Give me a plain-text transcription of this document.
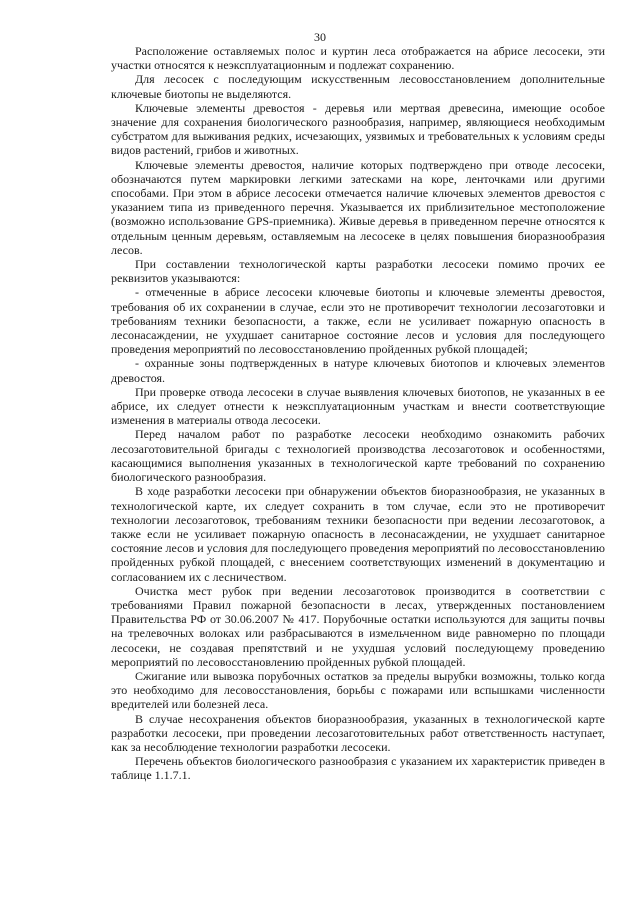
30

Расположение оставляемых полос и куртин леса отображается на абрисе лесосеки, эти участки относятся к неэксплуатационным и подлежат сохранению.

Для лесосек с последующим искусственным лесовосстановлением дополнительные ключевые биотопы не выделяются.

Ключевые элементы древостоя - деревья или мертвая древесина, имеющие особое значение для сохранения биологического разнообразия, например, являющиеся необходимым субстратом для выживания редких, исчезающих, уязвимых и требовательных к условиям среды видов растений, грибов и животных.

Ключевые элементы древостоя, наличие которых подтверждено при отводе лесосеки, обозначаются путем маркировки легкими затесками на коре, ленточками или другими способами. При этом в абрисе лесосеки отмечается наличие ключевых элементов древостоя с указанием типа из приведенного перечня. Указывается их приблизительное местоположение (возможно использование GPS-приемника). Живые деревья в приведенном перечне относятся к отдельным ценным деревьям, оставляемым на лесосеке в целях повышения биоразнообразия лесов.

При составлении технологической карты разработки лесосеки помимо прочих ее реквизитов указываются:

- отмеченные в абрисе лесосеки ключевые биотопы и ключевые элементы древостоя, требования об их сохранении в случае, если это не противоречит технологии лесозаготовки и требованиям техники безопасности, а также, если не усиливает пожарную опасность в лесонасаждении, не ухудшает санитарное состояние лесов и условия для последующего проведения мероприятий по лесовосстановлению пройденных рубкой площадей;

- охранные зоны подтвержденных в натуре ключевых биотопов и ключевых элементов древостоя.

При проверке отвода лесосеки в случае выявления ключевых биотопов, не указанных в ее абрисе, их следует отнести к неэксплуатационным участкам и внести соответствующие изменения в материалы отвода лесосеки.

Перед началом работ по разработке лесосеки необходимо ознакомить рабочих лесозаготовительной бригады с технологией производства лесозаготовок и особенностями, касающимися выполнения указанных в технологической карте требований по сохранению биологического разнообразия.

В ходе разработки лесосеки при обнаружении объектов биоразнообразия, не указанных в технологической карте, их следует сохранить в том случае, если это не противоречит технологии лесозаготовок, требованиям техники безопасности при ведении лесозаготовок, а также если не усиливает пожарную опасность в лесонасаждении, не ухудшает санитарное состояние лесов и условия для последующего проведения мероприятий по лесовосстановлению пройденных рубкой площадей, с внесением соответствующих изменений в документацию и согласованием их с лесничеством.

Очистка мест рубок при ведении лесозаготовок производится в соответствии с требованиями Правил пожарной безопасности в лесах, утвержденных постановлением Правительства РФ от 30.06.2007 № 417. Порубочные остатки используются для защиты почвы на трелевочных волоках или разбрасываются в измельченном виде равномерно по площади лесосеки, не создавая препятствий и не ухудшая условий последующему проведению мероприятий по лесовосстановлению пройденных рубкой площадей.

Сжигание или вывозка порубочных остатков за пределы вырубки возможны, только когда это необходимо для лесовосстановления, борьбы с пожарами или вспышками численности вредителей или болезней леса.

В случае несохранения объектов биоразнообразия, указанных в технологической карте разработки лесосеки, при проведении лесозаготовительных работ ответственность наступает, как за несоблюдение технологии разработки лесосеки.

Перечень объектов биологического разнообразия с указанием их характеристик приведен в таблице 1.1.7.1.
